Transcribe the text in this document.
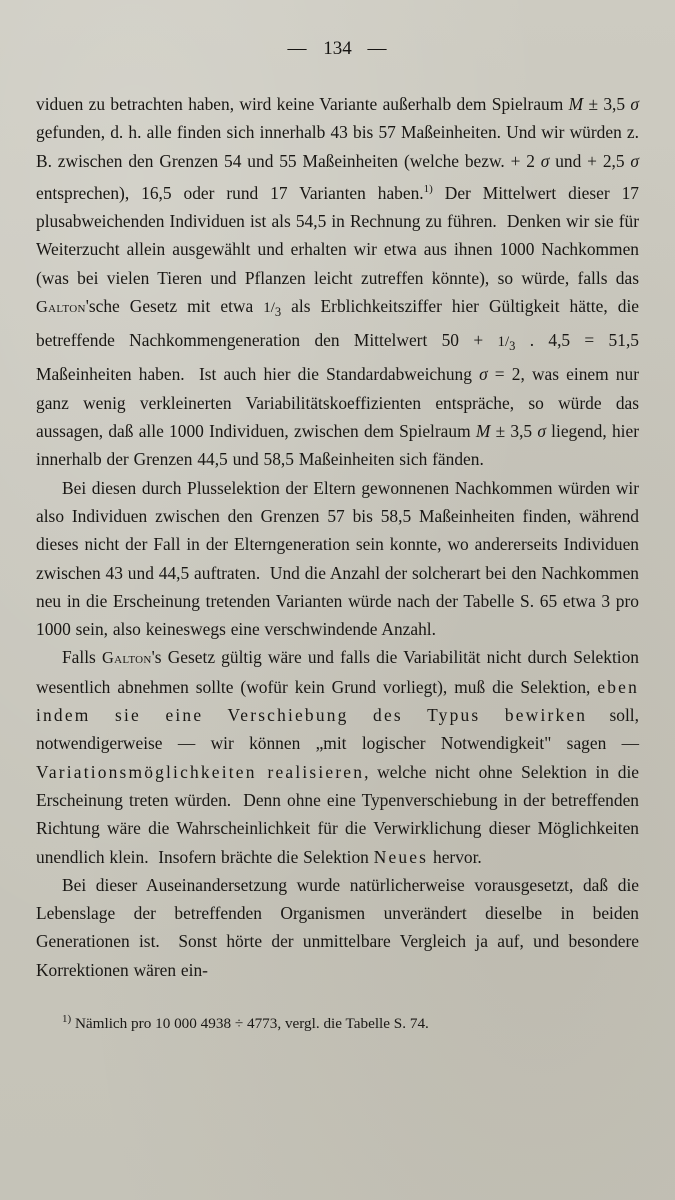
— 134 —

viduen zu betrachten haben, wird keine Variante außerhalb dem Spielraum M ± 3,5 σ gefunden, d. h. alle finden sich innerhalb 43 bis 57 Maßeinheiten. Und wir würden z. B. zwischen den Grenzen 54 und 55 Maßeinheiten (welche bezw. + 2 σ und + 2,5 σ entsprechen), 16,5 oder rund 17 Varianten haben.$^{1)}$ Der Mittelwert dieser 17 plusabweichenden Individuen ist als 54,5 in Rechnung zu führen.  Denken wir sie für Weiterzucht allein ausgewählt und erhalten wir etwa aus ihnen 1000 Nachkommen (was bei vielen Tieren und Pflanzen leicht zutreffen könnte), so würde, falls das Galton'sche Gesetz mit etwa $1/_3$ als Erblichkeitsziffer hier Gültigkeit hätte, die betreffende Nachkommengeneration den Mittelwert $50 + 1/_3$ . 4,5 = 51,5 Maßeinheiten haben.  Ist auch hier die Standardabweichung σ = 2, was einem nur ganz wenig verkleinerten Variabilitätskoeffizienten entspräche, so würde das aussagen, daß alle 1000 Individuen, zwischen dem Spielraum M ± 3,5 σ liegend, hier innerhalb der Grenzen 44,5 und 58,5 Maßeinheiten sich fänden.

Bei diesen durch Plusselektion der Eltern gewonnenen Nachkommen würden wir also Individuen zwischen den Grenzen 57 bis 58,5 Maßeinheiten finden, während dieses nicht der Fall in der Elterngeneration sein konnte, wo andererseits Individuen zwischen 43 und 44,5 auftraten.  Und die Anzahl der solcherart bei den Nachkommen neu in die Erscheinung tretenden Varianten würde nach der Tabelle S. 65 etwa 3 pro 1000 sein, also keineswegs eine verschwindende Anzahl.

Falls Galton's Gesetz gültig wäre und falls die Variabilität nicht durch Selektion wesentlich abnehmen sollte (wofür kein Grund vorliegt), muß die Selektion, eben indem sie eine Verschiebung des Typus bewirken soll, notwendigerweise — wir können „mit logischer Notwendigkeit" sagen — Variationsmöglichkeiten realisieren, welche nicht ohne Selektion in die Erscheinung treten würden.  Denn ohne eine Typenverschiebung in der betreffenden Richtung wäre die Wahrscheinlichkeit für die Verwirklichung dieser Möglichkeiten unendlich klein.  Insofern brächte die Selektion Neues hervor.

Bei dieser Auseinandersetzung wurde natürlicherweise vorausgesetzt, daß die Lebenslage der betreffenden Organismen unverändert dieselbe in beiden Generationen ist.  Sonst hörte der unmittelbare Vergleich ja auf, und besondere Korrektionen wären ein-

$^{1)}$ Nämlich pro 10 000 4938 ÷ 4773, vergl. die Tabelle S. 74.
